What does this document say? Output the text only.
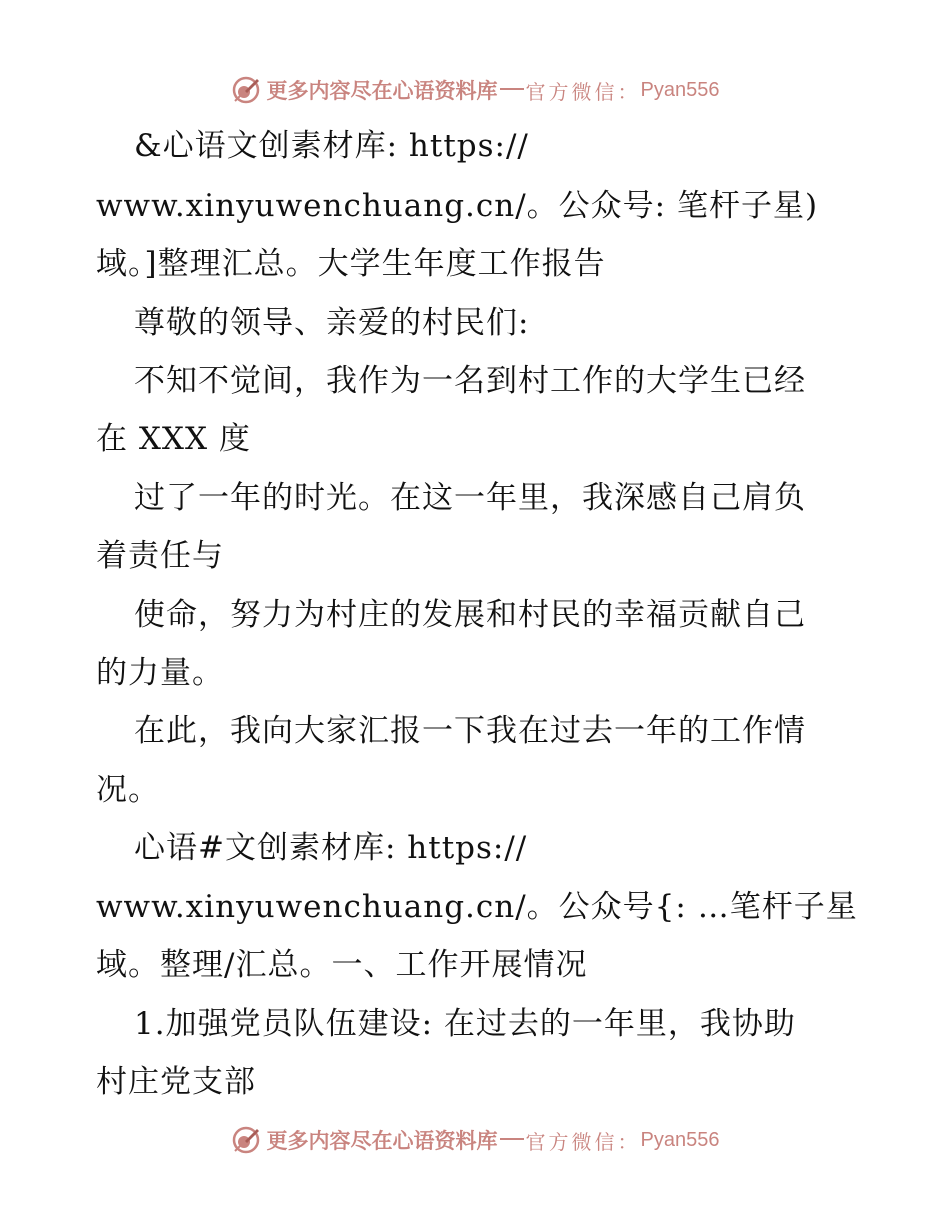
更多内容尽在心语资料库 官方微信： Pyan556
&心语文创素材库: https://
www.xinyuwenchuang.cn/。公众号: 笔杆子星)
域。]整理汇总。大学生年度工作报告
尊敬的领导、亲爱的村民们:
不知不觉间，我作为一名到村工作的大学生已经
在 XXX 度
过了一年的时光。在这一年里，我深感自己肩负
着责任与
使命，努力为村庄的发展和村民的幸福贡献自己
的力量。
在此，我向大家汇报一下我在过去一年的工作情
况。
心语#文创素材库: https://
www.xinyuwenchuang.cn/。公众号{: …笔杆子星
域。整理/汇总。一、工作开展情况
1.加强党员队伍建设: 在过去的一年里，我协助
村庄党支部
更多内容尽在心语资料库 官方微信： Pyan556
